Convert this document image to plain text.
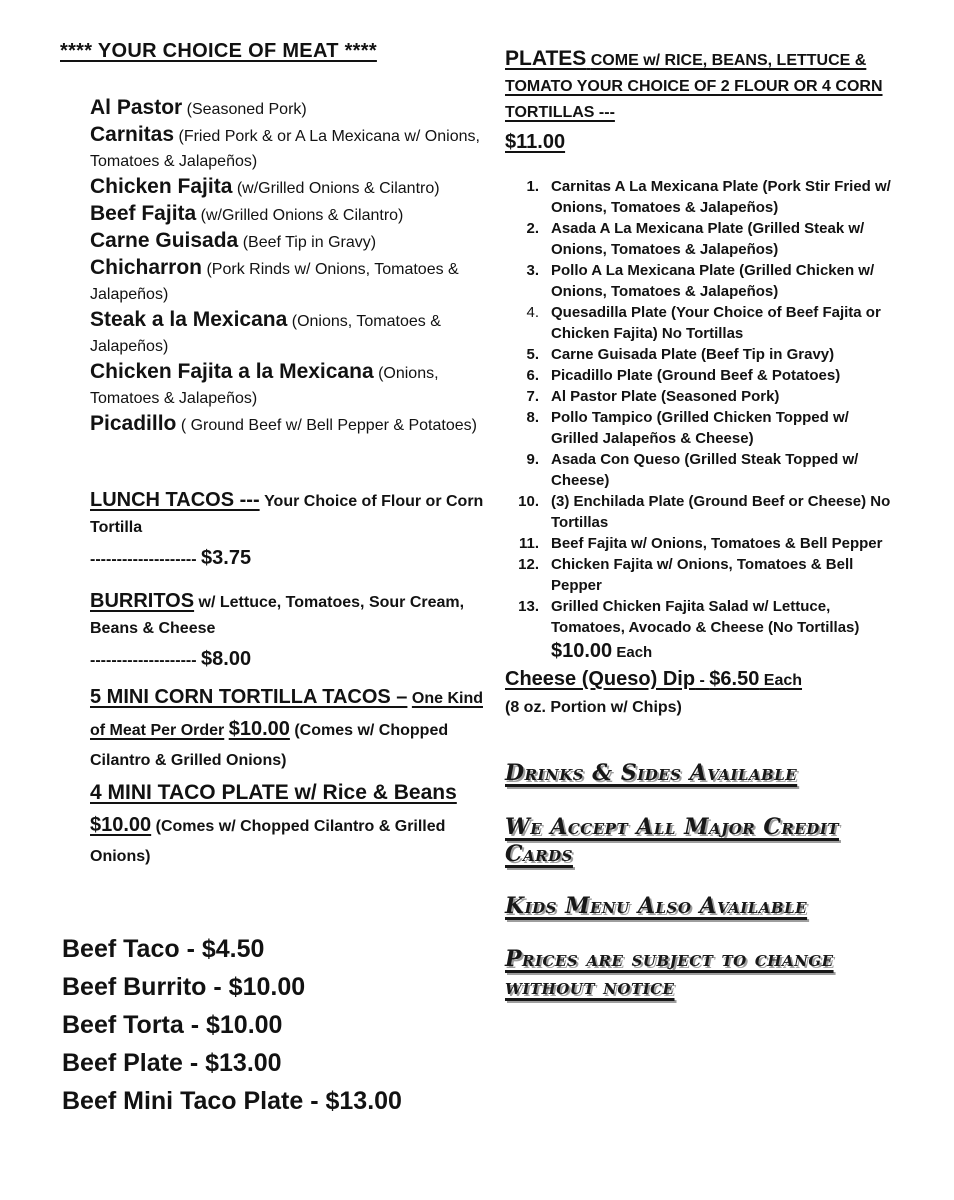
**** YOUR CHOICE OF MEAT ****

Al Pastor (Seasoned Pork)

Carnitas (Fried Pork & or A La Mexicana w/ Onions, Tomatoes & Jalapeños)

Chicken Fajita (w/Grilled Onions & Cilantro)

Beef Fajita (w/Grilled Onions & Cilantro)

Carne Guisada (Beef Tip in Gravy)

Chicharron (Pork Rinds w/ Onions, Tomatoes & Jalapeños)

Steak a la Mexicana (Onions, Tomatoes & Jalapeños)

Chicken Fajita a la Mexicana (Onions, Tomatoes & Jalapeños)

Picadillo ( Ground Beef w/ Bell Pepper & Potatoes)

LUNCH TACOS --- Your Choice of Flour or Corn Tortilla

-------------------- $3.75

BURRITOS w/ Lettuce, Tomatoes, Sour Cream, Beans & Cheese

-------------------- $8.00

5 MINI CORN TORTILLA TACOS – One Kind of Meat Per Order $10.00 (Comes w/ Chopped Cilantro & Grilled Onions)

4 MINI TACO PLATE w/ Rice & Beans

$10.00 (Comes w/ Chopped Cilantro & Grilled Onions)

Beef Taco - $4.50

Beef Burrito - $10.00

Beef Torta - $10.00

Beef Plate - $13.00

Beef Mini Taco Plate - $13.00

PLATES COME w/ RICE, BEANS, LETTUCE & TOMATO YOUR CHOICE OF 2 FLOUR OR 4 CORN TORTILLAS ---
$11.00
1. Carnitas A La Mexicana Plate (Pork Stir Fried w/ Onions, Tomatoes & Jalapeños)
2. Asada A La Mexicana Plate (Grilled Steak w/ Onions, Tomatoes & Jalapeños)
3. Pollo A La Mexicana Plate (Grilled Chicken w/ Onions, Tomatoes & Jalapeños)
4. Quesadilla Plate (Your Choice of Beef Fajita or Chicken Fajita) No Tortillas
5. Carne Guisada Plate (Beef Tip in Gravy)
6. Picadillo Plate (Ground Beef & Potatoes)
7. Al Pastor Plate (Seasoned Pork)
8. Pollo Tampico (Grilled Chicken Topped w/ Grilled Jalapeños & Cheese)
9. Asada Con Queso (Grilled Steak Topped w/ Cheese)
10. (3) Enchilada Plate (Ground Beef or Cheese) No Tortillas
11. Beef Fajita w/ Onions, Tomatoes & Bell Pepper
12. Chicken Fajita w/ Onions, Tomatoes & Bell Pepper
13. Grilled Chicken Fajita Salad w/ Lettuce, Tomatoes, Avocado & Cheese (No Tortillas)
$10.00 Each
Cheese (Queso) Dip - $6.50 Each
(8 oz. Portion w/ Chips)

Drinks & Sides Available

We Accept All Major Credit Cards

Kids Menu Also Available

Prices are subject to change without notice
